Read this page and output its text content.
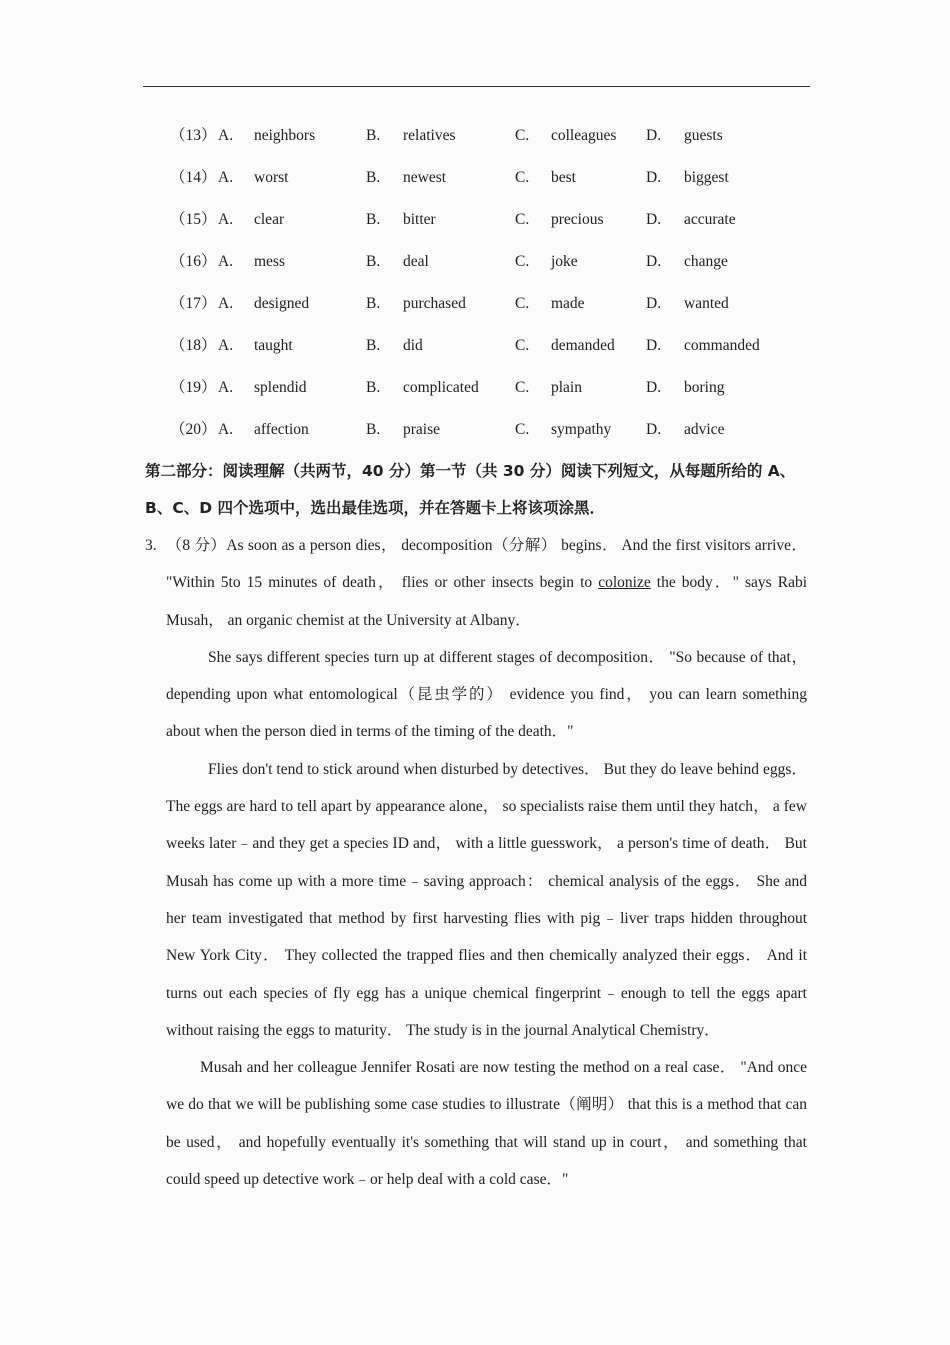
（13） A. neighbors	B. relatives	C. colleagues D. guests
（14） A. worst	B. newest	C. best	D. biggest
（15） A. clear	B. bitter	C. precious	D. accurate
（16） A. mess	B. deal	C. joke	D. change
（17） A. designed	B. purchased	C. made	D. wanted
（18） A. taught	B. did	C. demanded D. commanded
（19） A. splendid	B. complicated C. plain	D. boring
（20） A. affection	B. praise	C. sympathy D. advice
第二部分：阅读理解（共两节，40 分）第一节（共 30 分）阅读下列短文，从每题所给的 A、
B、C、D 四个选项中，选出最佳选项，并在答题卡上将该项涂黑．

3. （8 分）As soon as a person dies， decomposition（分解） begins． And the first visitors arrive． "Within 5to 15 minutes of death， flies or other insects begin to colonize the body．" says Rabi Musah， an organic chemist at the University at Albany．

She says different species turn up at different stages of decomposition． "So because of that， depending upon what entomological（昆虫学的） evidence you find， you can learn something about when the person died in terms of the timing of the death．"

Flies don't tend to stick around when disturbed by detectives． But they do leave behind eggs． The eggs are hard to tell apart by appearance alone， so specialists raise them until they hatch， a few weeks later﹣and they get a species ID and， with a little guesswork， a person's time of death． But Musah has come up with a more time﹣saving approach： chemical analysis of the eggs． She and her team investigated that method by first harvesting flies with pig﹣liver traps hidden throughout New York City． They collected the trapped flies and then chemically analyzed their eggs． And it turns out each species of fly egg has a unique chemical fingerprint﹣enough to tell the eggs apart without raising the eggs to maturity． The study is in the journal Analytical Chemistry．

Musah and her colleague Jennifer Rosati are now testing the method on a real case． "And once we do that we will be publishing some case studies to illustrate（阐明） that this is a method that can be used， and hopefully eventually it's something that will stand up in court， and something that could speed up detective work﹣or help deal with a cold case．"
